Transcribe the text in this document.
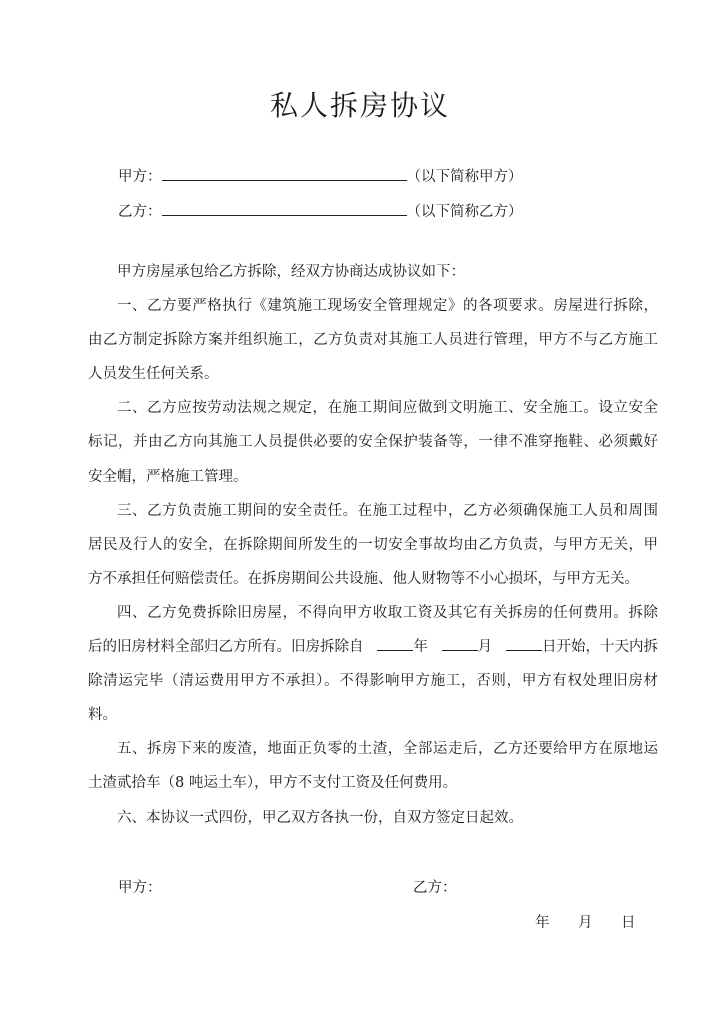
私人拆房协议
甲方：	（以下简称甲方）
乙方：	（以下简称乙方）
甲方房屋承包给乙方拆除，经双方协商达成协议如下：
一、乙方要严格执行《建筑施工现场安全管理规定》的各项要求。房屋进行拆除，
由乙方制定拆除方案并组织施工，乙方负责对其施工人员进行管理，甲方不与乙方施工
人员发生任何关系。
二、乙方应按劳动法规之规定，在施工期间应做到文明施工、安全施工。设立安全
标记，并由乙方向其施工人员提供必要的安全保护装备等，一律不准穿拖鞋、必须戴好
安全帽，严格施工管理。
三、乙方负责施工期间的安全责任。在施工过程中，乙方必须确保施工人员和周围
居民及行人的安全，在拆除期间所发生的一切安全事故均由乙方负责，与甲方无关，甲
方不承担任何赔偿责任。在拆房期间公共设施、他人财物等不小心损坏，与甲方无关。
四、乙方免费拆除旧房屋，不得向甲方收取工资及其它有关拆房的任何费用。拆除
后的旧房材料全部归乙方所有。旧房拆除自	年	月	日开始，十天内拆
除清运完毕（清运费用甲方不承担）。不得影响甲方施工，否则，甲方有权处理旧房材
料。
五、拆房下来的废渣，地面正负零的土渣，全部运走后，乙方还要给甲方在原地运
土渣贰拾车（8 吨运土车），甲方不支付工资及任何费用。
六、本协议一式四份，甲乙双方各执一份，自双方签定日起效。
甲方：	乙方：
年 月 日
